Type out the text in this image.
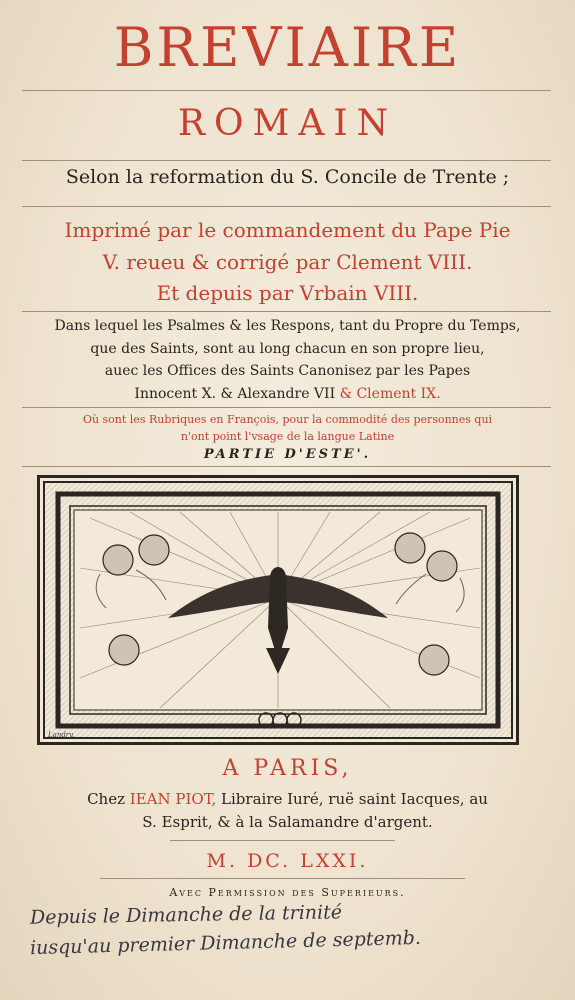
BREVIAIRE
ROMAIN
Selon la reformation du S. Concile de Trente ;
Imprimé par le commandement du Pape Pie
V. reueu & corrigé par Clement VIII.
Et depuis par Vrbain VIII.
Dans lequel les Psalmes & les Respons, tant du Propre du Temps,
que des Saints, sont au long chacun en son propre lieu,
auec les Offices des Saints Canonisez par les Papes
Innocent X. & Alexandre VII & Clement IX.
Où sont les Rubriques en François, pour la commodité des personnes qui
n'ont point l'vsage de la langue Latine
PARTIE D'ESTE'.
Landry.
A PARIS,
Chez IEAN PIOT, Libraire Iuré, ruë saint Iacques, au
S. Esprit, & à la Salamandre d'argent.
M. DC. LXXI.
Avec Permission des Superieurs.
Depuis le Dimanche de la trinité
iusqu'au premier Dimanche de septemb.
